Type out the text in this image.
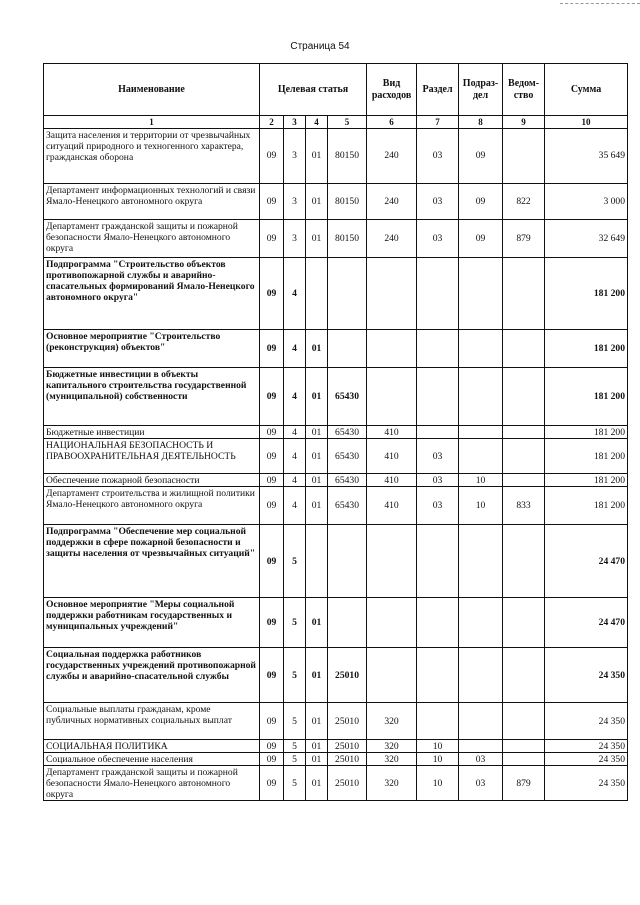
Страница 54
Наименование	Целевая статья				Вид расходов	Раздел	Подраз-дел	Ведом-ство	Сумма
1	2	3	4	5	6	7	8	9	10
Защита населения и территории от чрезвычайных ситуаций природного и техногенного характера, гражданская оборона	09	3	01	80150	240	03	09		35 649
Департамент информационных технологий и связи Ямало-Ненецкого автономного округа	09	3	01	80150	240	03	09	822	3 000
Департамент гражданской защиты и пожарной безопасности Ямало-Ненецкого автономного округа	09	3	01	80150	240	03	09	879	32 649
Подпрограмма "Строительство объектов противопожарной службы и аварийно-спасательных формирований Ямало-Ненецкого автономного округа"	09	4							181 200
Основное мероприятие "Строительство (реконструкция) объектов"	09	4	01						181 200
Бюджетные инвестиции в объекты капитального строительства государственной (муниципальной) собственности	09	4	01	65430					181 200
Бюджетные инвестиции	09	4	01	65430	410				181 200
НАЦИОНАЛЬНАЯ БЕЗОПАСНОСТЬ И ПРАВООХРАНИТЕЛЬНАЯ ДЕЯТЕЛЬНОСТЬ	09	4	01	65430	410	03			181 200
Обеспечение пожарной безопасности	09	4	01	65430	410	03	10		181 200
Департамент строительства и жилищной политики Ямало-Ненецкого автономного округа	09	4	01	65430	410	03	10	833	181 200
Подпрограмма "Обеспечение мер социальной поддержки в сфере пожарной безопасности и защиты населения от чрезвычайных ситуаций"	09	5							24 470
Основное мероприятие "Меры социальной поддержки работникам государственных и муниципальных учреждений"	09	5	01						24 470
Социальная поддержка работников государственных учреждений противопожарной службы и аварийно-спасательной службы	09	5	01	25010					24 350
Социальные выплаты гражданам, кроме публичных нормативных социальных выплат	09	5	01	25010	320				24 350
СОЦИАЛЬНАЯ ПОЛИТИКА	09	5	01	25010	320	10			24 350
Социальное обеспечение населения	09	5	01	25010	320	10	03		24 350
Департамент гражданской защиты и пожарной безопасности Ямало-Ненецкого автономного округа	09	5	01	25010	320	10	03	879	24 350
